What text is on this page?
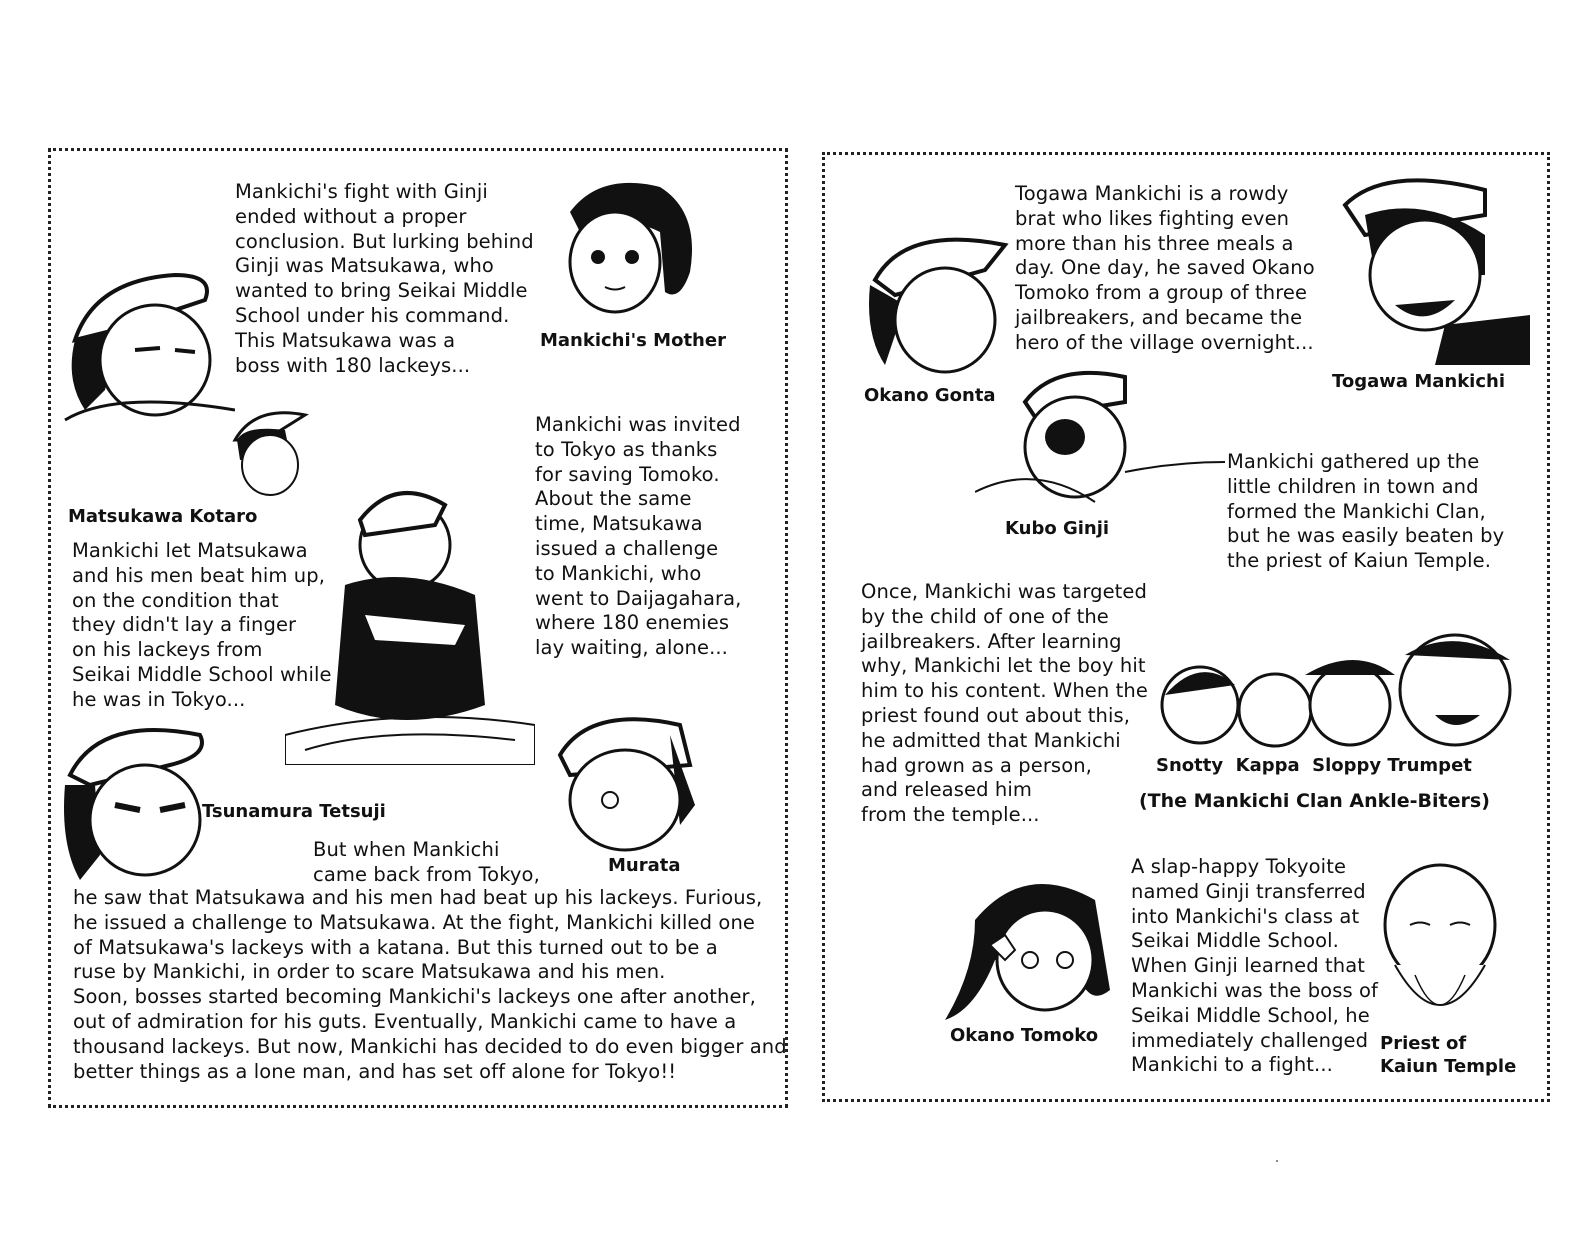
Mankichi's fight with Ginji
ended without a proper
conclusion. But lurking behind
Ginji was Matsukawa, who
wanted to bring Seikai Middle
School under his command.
This Matsukawa was a
boss with 180 lackeys...
Mankichi's Mother
Matsukawa Kotaro
Mankichi let Matsukawa
and his men beat him up,
on the condition that
they didn't lay a finger
on his lackeys from
Seikai Middle School while
he was in Tokyo...
Mankichi was invited
to Tokyo as thanks
for saving Tomoko.
About the same
time, Matsukawa
issued a challenge
to Mankichi, who
went to Daijagahara,
where 180 enemies
lay waiting, alone...
Tsunamura Tetsuji
Murata
But when Mankichi
came back from Tokyo,
he saw that Matsukawa and his men had beat up his lackeys. Furious,
he issued a challenge to Matsukawa. At the fight, Mankichi killed one
of Matsukawa's lackeys with a katana. But this turned out to be a
ruse by Mankichi, in order to scare Matsukawa and his men.
Soon, bosses started becoming Mankichi's lackeys one after another,
out of admiration for his guts. Eventually, Mankichi came to have a
thousand lackeys. But now, Mankichi has decided to do even bigger and
better things as a lone man, and has set off alone for Tokyo!!
Togawa Mankichi is a rowdy
brat who likes fighting even
more than his three meals a
day. One day, he saved Okano
Tomoko from a group of three
jailbreakers, and became the
hero of the village overnight...
Okano Gonta
Togawa Mankichi
Kubo Ginji
Mankichi gathered up the
little children in town and
formed the Mankichi Clan,
but he was easily beaten by
the priest of Kaiun Temple.
Once, Mankichi was targeted
by the child of one of the
jailbreakers. After learning
why, Mankichi let the boy hit
him to his content. When the
priest found out about this,
he admitted that Mankichi
had grown as a person,
and released him
from the temple...
Snotty  Kappa  Sloppy Trumpet
(The Mankichi Clan Ankle-Biters)
Okano Tomoko
A slap-happy Tokyoite
named Ginji transferred
into Mankichi's class at
Seikai Middle School.
When Ginji learned that
Mankichi was the boss of
Seikai Middle School, he
immediately challenged
Mankichi to a fight...
Priest of
Kaiun Temple
